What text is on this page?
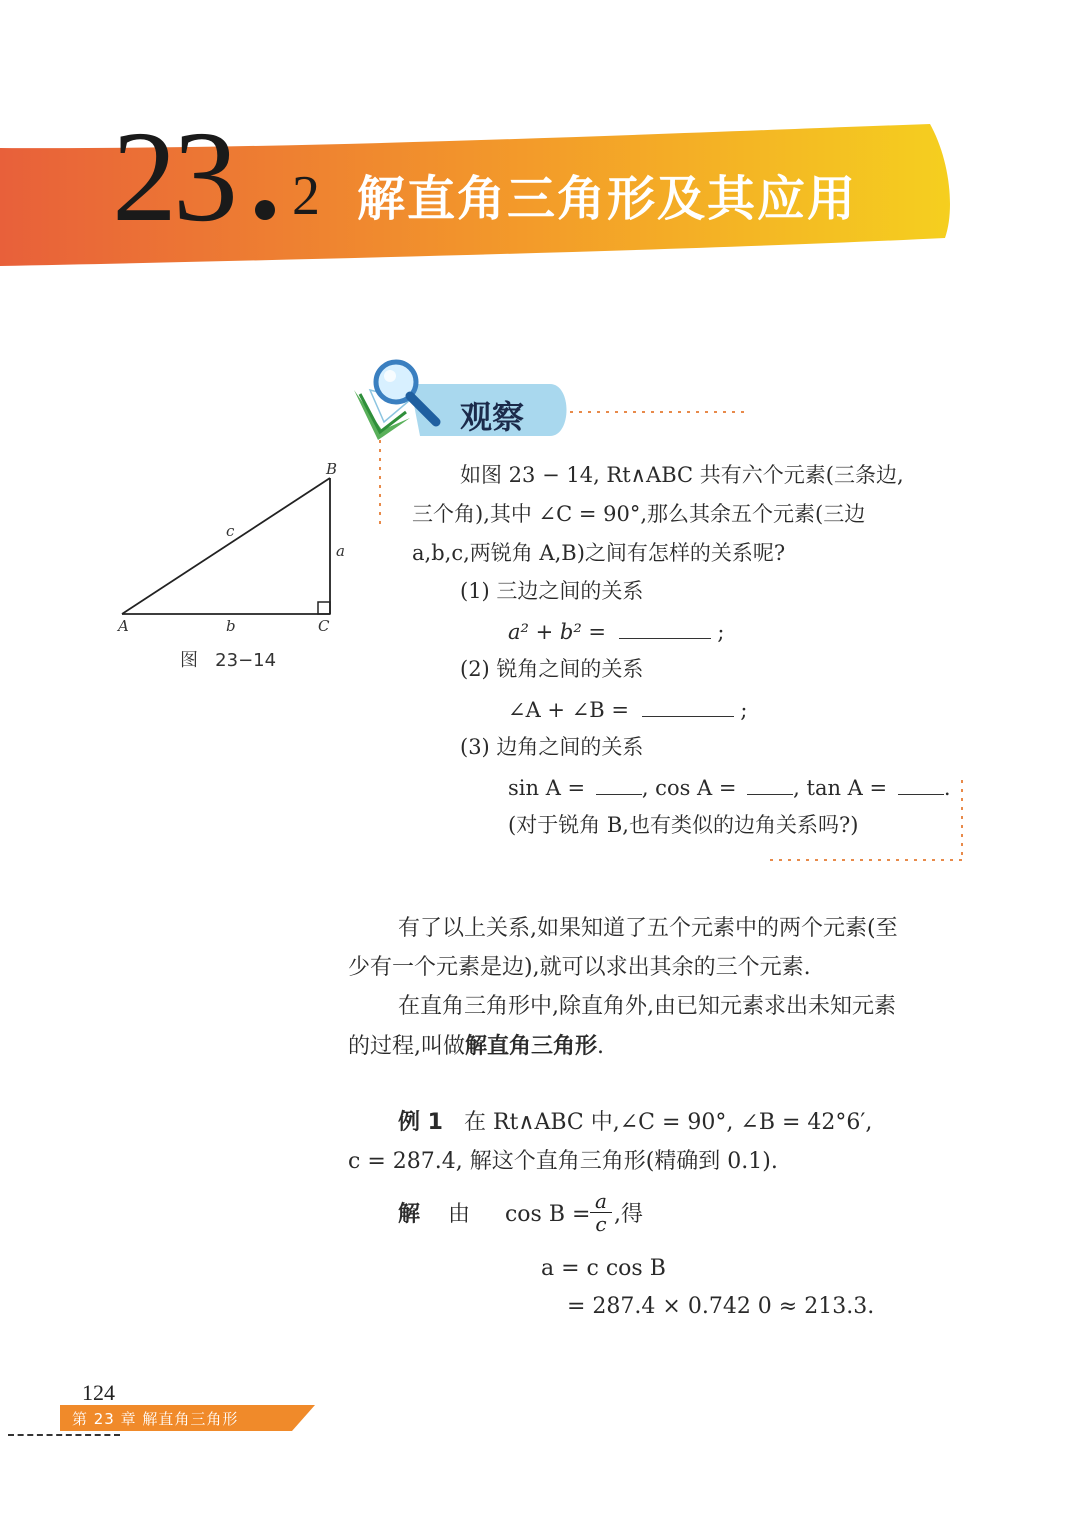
23 2 解直角三角形及其应用
观察
B
A	C
c
a
b
图 23−14
如图 23 − 14, Rt∧ABC 共有六个元素(三条边,
三个角),其中 ∠C = 90°,那么其余五个元素(三边
a,b,c,两锐角 A,B)之间有怎样的关系呢?
(1) 三边之间的关系
a² + b² =	;
(2) 锐角之间的关系
∠A + ∠B =	;
(3) 边角之间的关系
sin A =	, cos A =	, tan A =	.
(对于锐角 B,也有类似的边角关系吗?)
有了以上关系,如果知道了五个元素中的两个元素(至
少有一个元素是边),就可以求出其余的三个元素.
在直角三角形中,除直角外,由已知元素求出未知元素
的过程,叫做解直角三角形.
例 1 在 Rt∧ABC 中,∠C = 90°, ∠B = 42°6′,
c = 287.4, 解这个直角三角形(精确到 0.1).
解 由 cos B =
a
c ,得
a = c cos B
= 287.4 × 0.742 0 ≈ 213.3.
124
第 23 章 解直角三角形
